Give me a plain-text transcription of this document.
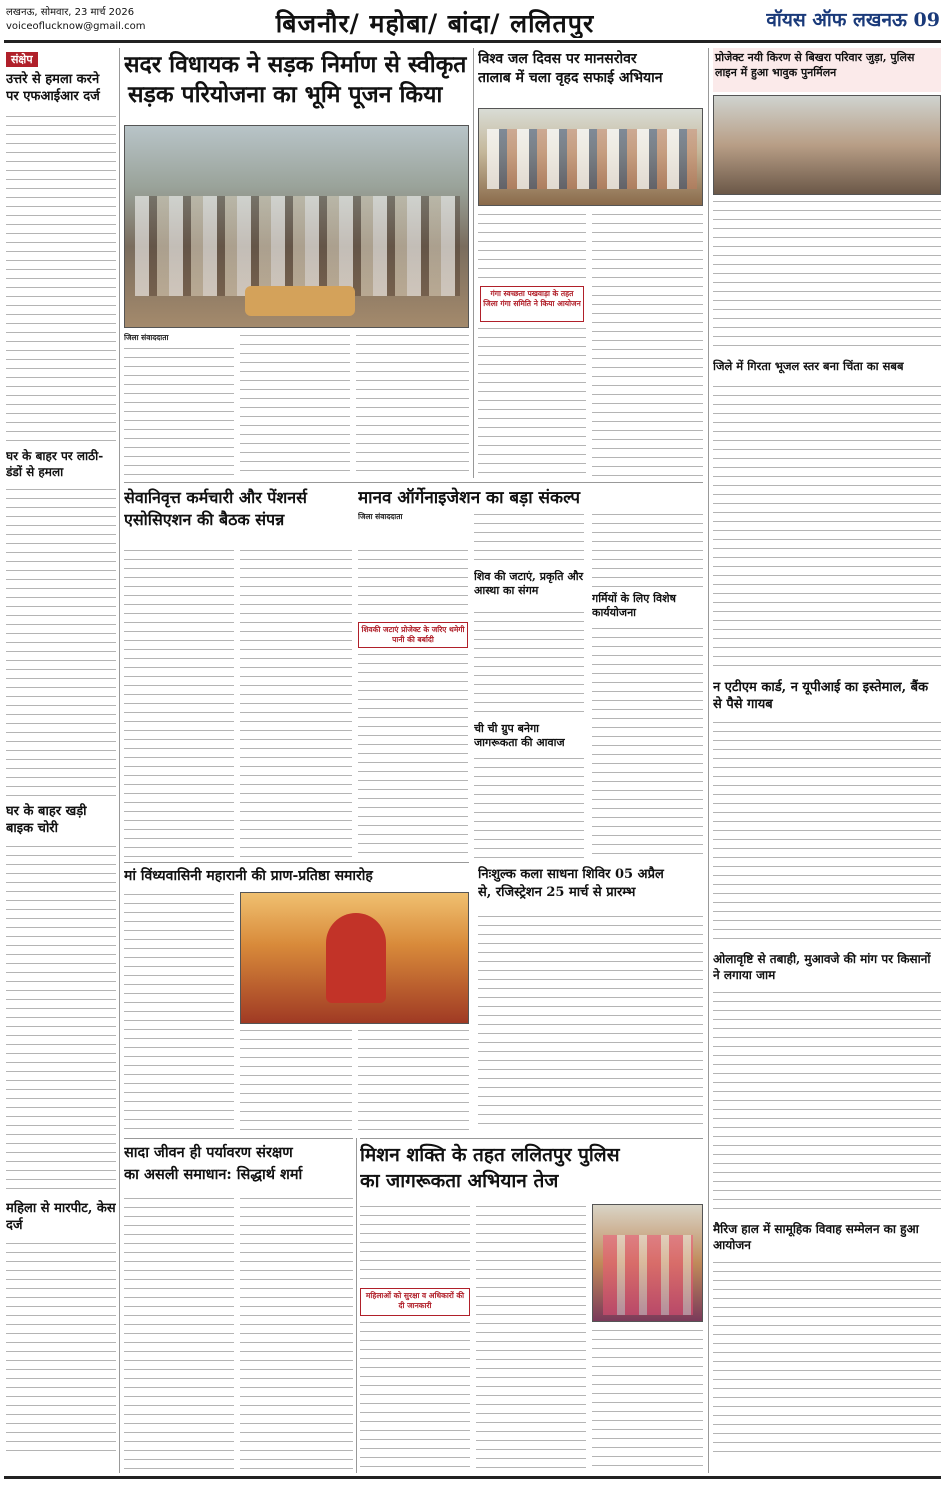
लखनऊ, सोमवार, 23 मार्च 2026
voiceoflucknow@gmail.com	बिजनौर/ महोबा/ बांदा/ ललितपुर	वॉयस ऑफ लखनऊ 09
संक्षेप
उत्तरे से हमला करने पर एफआईआर दर्ज
घर के बाहर पर लाठी-डंडों से हमला
घर के बाहर खड़ी बाइक चोरी
महिला से मारपीट, केस दर्ज
सदर विधायक ने सड़क निर्माण से स्वीकृत
सड़क परियोजना का भूमि पूजन किया
जिला संवाददाता
विश्व जल दिवस पर मानसरोवर
तालाब में चला वृहद सफाई अभियान
गंगा स्वच्छता पखवाड़ा के तहत जिला गंगा समिति ने किया आयोजन
प्रोजेक्ट नयी किरण से बिखरा परिवार जुड़ा, पुलिस लाइन में हुआ भावुक पुनर्मिलन
जिले में गिरता भूजल स्तर बना चिंता का सबब
न एटीएम कार्ड, न यूपीआई का इस्तेमाल, बैंक से पैसे गायब
ओलावृष्टि से तबाही, मुआवजे की मांग पर किसानों ने लगाया जाम
मैरिज हाल में सामूहिक विवाह सम्मेलन का हुआ आयोजन
सेवानिवृत्त कर्मचारी और पेंशनर्स
एसोसिएशन की बैठक संपन्न
शिवकी जटाएं प्रोजेक्ट के जरिए थमेगी पानी की बर्बादी
मानव ऑर्गेनाइजेशन का बड़ा संकल्प
जिला संवाददाता
शिव की जटाएं, प्रकृति और आस्था का संगम
ची ची ग्रुप बनेगा जागरूकता की आवाज
गर्मियों के लिए विशेष कार्ययोजना
मां विंध्यवासिनी महारानी की प्राण-प्रतिष्ठा समारोह	निःशुल्क कला साधना शिविर 05 अप्रैल
से, रजिस्ट्रेशन 25 मार्च से प्रारम्भ
सादा जीवन ही पर्यावरण संरक्षण
का असली समाधान: सिद्धार्थ शर्मा
मिशन शक्ति के तहत ललितपुर पुलिस
का जागरूकता अभियान तेज
महिलाओं को सुरक्षा व अधिकारों की दी जानकारी
